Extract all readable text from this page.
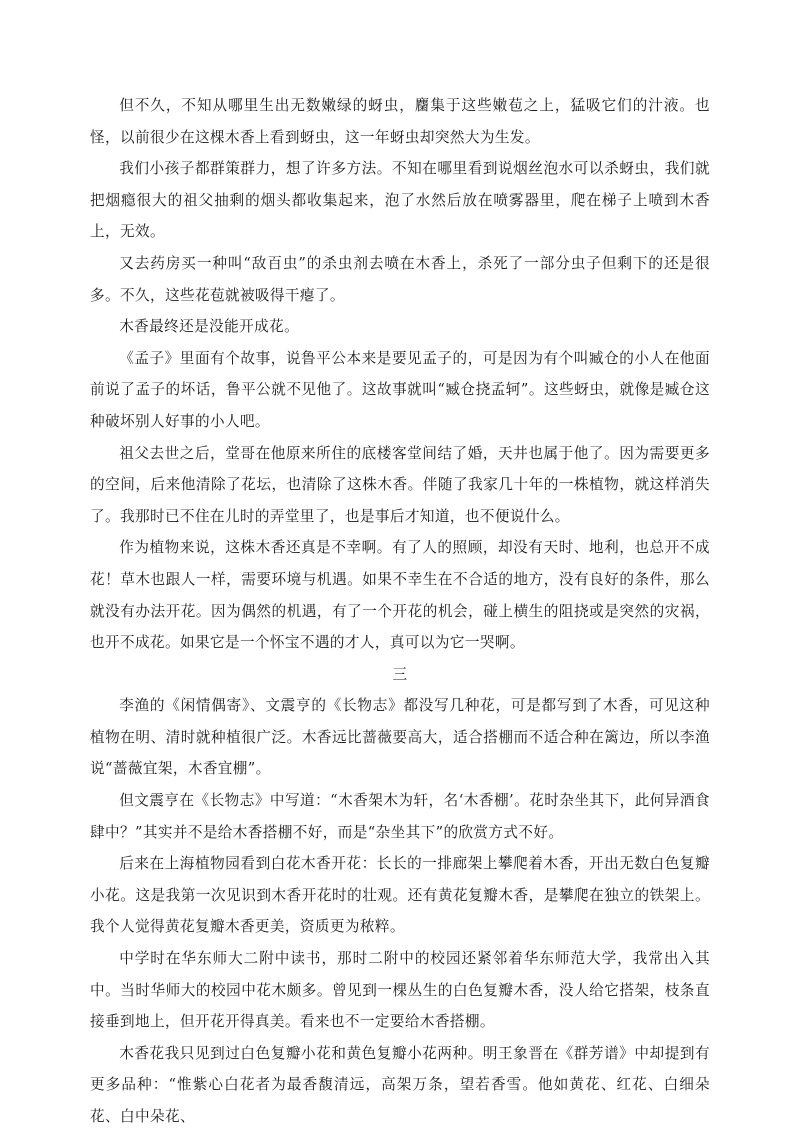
但不久，不知从哪里生出无数嫩绿的蚜虫，麕集于这些嫩苞之上，猛吸它们的汁液。也怪，以前很少在这棵木香上看到蚜虫，这一年蚜虫却突然大为生发。

我们小孩子都群策群力，想了许多方法。不知在哪里看到说烟丝泡水可以杀蚜虫，我们就把烟瘾很大的祖父抽剩的烟头都收集起来，泡了水然后放在喷雾器里，爬在梯子上喷到木香上，无效。

又去药房买一种叫“敌百虫”的杀虫剂去喷在木香上，杀死了一部分虫子但剩下的还是很多。不久，这些花苞就被吸得干瘪了。

木香最终还是没能开成花。

《孟子》里面有个故事，说鲁平公本来是要见孟子的，可是因为有个叫臧仓的小人在他面前说了孟子的坏话，鲁平公就不见他了。这故事就叫“臧仓挠孟轲”。这些蚜虫，就像是臧仓这种破坏别人好事的小人吧。

祖父去世之后，堂哥在他原来所住的底楼客堂间结了婚，天井也属于他了。因为需要更多的空间，后来他清除了花坛，也清除了这株木香。伴随了我家几十年的一株植物，就这样消失了。我那时已不住在儿时的弄堂里了，也是事后才知道，也不便说什么。

作为植物来说，这株木香还真是不幸啊。有了人的照顾，却没有天时、地利，也总开不成花！草木也跟人一样，需要环境与机遇。如果不幸生在不合适的地方，没有良好的条件，那么就没有办法开花。因为偶然的机遇，有了一个开花的机会，碰上横生的阻挠或是突然的灾祸，也开不成花。如果它是一个怀宝不遇的才人，真可以为它一哭啊。

三

李渔的《闲情偶寄》、文震亨的《长物志》都没写几种花，可是都写到了木香，可见这种植物在明、清时就种植很广泛。木香远比蔷薇要高大，适合搭棚而不适合种在篱边，所以李渔说“蔷薇宜架，木香宜棚”。

但文震亨在《长物志》中写道：“木香架木为轩，名‘木香棚’。花时杂坐其下，此何异酒食肆中？”其实并不是给木香搭棚不好，而是“杂坐其下”的欣赏方式不好。

后来在上海植物园看到白花木香开花：长长的一排廊架上攀爬着木香，开出无数白色复瓣小花。这是我第一次见识到木香开花时的壮观。还有黄花复瓣木香，是攀爬在独立的铁架上。我个人觉得黄花复瓣木香更美，资质更为秾粹。

中学时在华东师大二附中读书，那时二附中的校园还紧邻着华东师范大学，我常出入其中。当时华师大的校园中花木颇多。曾见到一棵丛生的白色复瓣木香，没人给它搭架，枝条直接垂到地上，但开花开得真美。看来也不一定要给木香搭棚。

木香花我只见到过白色复瓣小花和黄色复瓣小花两种。明王象晋在《群芳谱》中却提到有更多品种：“惟紫心白花者为最香馥清远，高架万条，望若香雪。他如黄花、红花、白细朵花、白中朵花、
